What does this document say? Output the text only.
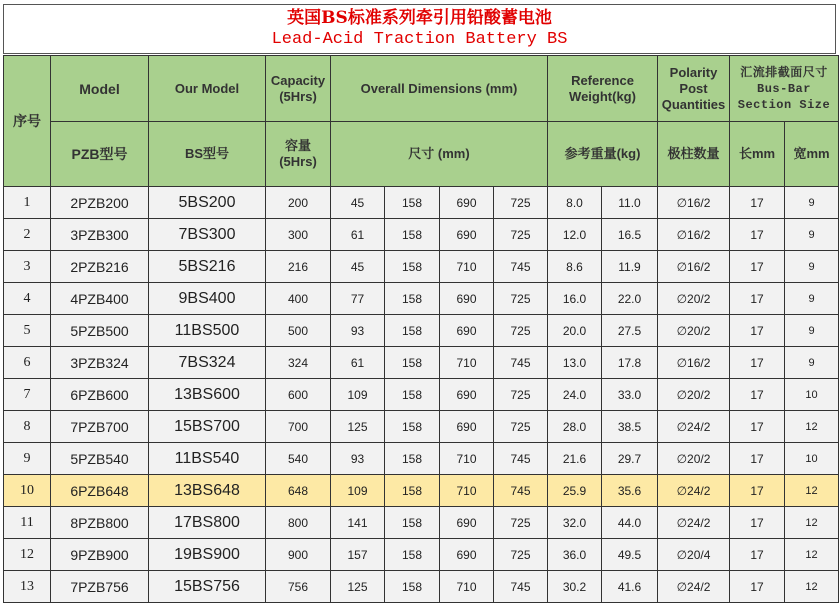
英国BS标准系列牵引用铅酸蓄电池
Lead-Acid Traction Battery BS
序号	Model	Our Model	Capacity (5Hrs)	Overall Dimensions (mm)				Reference Weight(kg)		Polarity Post Quantities	汇流排截面尺寸 Bus-Bar Section Size	
	PZB型号	BS型号	容量 (5Hrs)	尺寸 (mm)				参考重量(kg)		极柱数量	长mm	宽mm
1	2PZB200	5BS200	200	45	158	690	725	8.0	11.0	∅16/2	17	9
2	3PZB300	7BS300	300	61	158	690	725	12.0	16.5	∅16/2	17	9
3	2PZB216	5BS216	216	45	158	710	745	8.6	11.9	∅16/2	17	9
4	4PZB400	9BS400	400	77	158	690	725	16.0	22.0	∅20/2	17	9
5	5PZB500	11BS500	500	93	158	690	725	20.0	27.5	∅20/2	17	9
6	3PZB324	7BS324	324	61	158	710	745	13.0	17.8	∅16/2	17	9
7	6PZB600	13BS600	600	109	158	690	725	24.0	33.0	∅20/2	17	10
8	7PZB700	15BS700	700	125	158	690	725	28.0	38.5	∅24/2	17	12
9	5PZB540	11BS540	540	93	158	710	745	21.6	29.7	∅20/2	17	10
10	6PZB648	13BS648	648	109	158	710	745	25.9	35.6	∅24/2	17	12
11	8PZB800	17BS800	800	141	158	690	725	32.0	44.0	∅24/2	17	12
12	9PZB900	19BS900	900	157	158	690	725	36.0	49.5	∅20/4	17	12
13	7PZB756	15BS756	756	125	158	710	745	30.2	41.6	∅24/2	17	12
